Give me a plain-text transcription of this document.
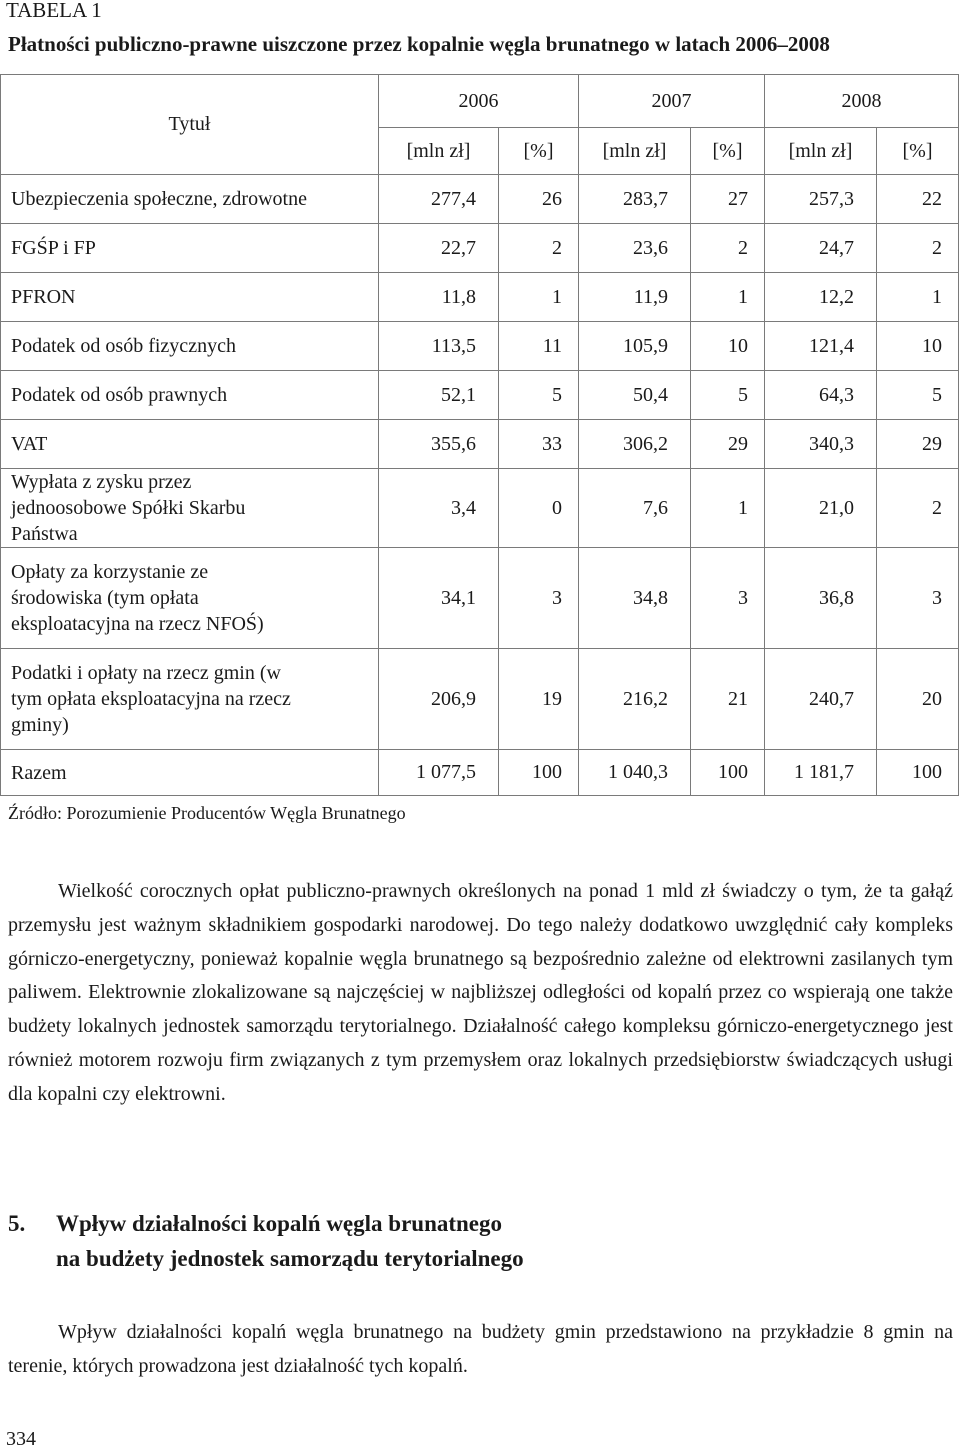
TABELA 1
Płatności publiczno-prawne uiszczone przez kopalnie węgla brunatnego w latach 2006–2008
Tytuł	2006		2007		2008	
	[mln zł]	[%]	[mln zł]	[%]	[mln zł]	[%]
Ubezpieczenia społeczne, zdrowotne	277,4	26	283,7	27	257,3	22
FGŚP i FP	22,7	2	23,6	2	24,7	2
PFRON	11,8	1	11,9	1	12,2	1
Podatek od osób fizycznych	113,5	11	105,9	10	121,4	10
Podatek od osób prawnych	52,1	5	50,4	5	64,3	5
VAT	355,6	33	306,2	29	340,3	29
Wypłata z zysku przez jednoosobowe Spółki Skarbu Państwa	3,4	0	7,6	1	21,0	2
Opłaty za korzystanie ze środowiska (tym opłata eksploatacyjna na rzecz NFOŚ)	34,1	3	34,8	3	36,8	3
Podatki i opłaty na rzecz gmin (w tym opłata eksploatacyjna na rzecz gminy)	206,9	19	216,2	21	240,7	20
Razem	1 077,5	100	1 040,3	100	1 181,7	100
Źródło: Porozumienie Producentów Węgla Brunatnego
Wielkość corocznych opłat publiczno-prawnych określonych na ponad 1 mld zł świadczy o tym, że ta gałąź przemysłu jest ważnym składnikiem gospodarki narodowej. Do tego należy dodatkowo uwzględnić cały kompleks górniczo-energetyczny, ponieważ kopalnie węgla brunatnego są bezpośrednio zależne od elektrowni zasilanych tym paliwem. Elektrownie zlokalizowane są najczęściej w najbliższej odległości od kopalń przez co wspierają one także budżety lokalnych jednostek samorządu terytorialnego. Działalność całego kompleksu górniczo-energetycznego jest również motorem rozwoju firm związanych z tym przemysłem oraz lokalnych przedsiębiorstw świadczących usługi dla kopalni czy elektrowni.
5. Wpływ działalności kopalń węgla brunatnego
na budżety jednostek samorządu terytorialnego
Wpływ działalności kopalń węgla brunatnego na budżety gmin przedstawiono na przykładzie 8 gmin na terenie, których prowadzona jest działalność tych kopalń.
334
